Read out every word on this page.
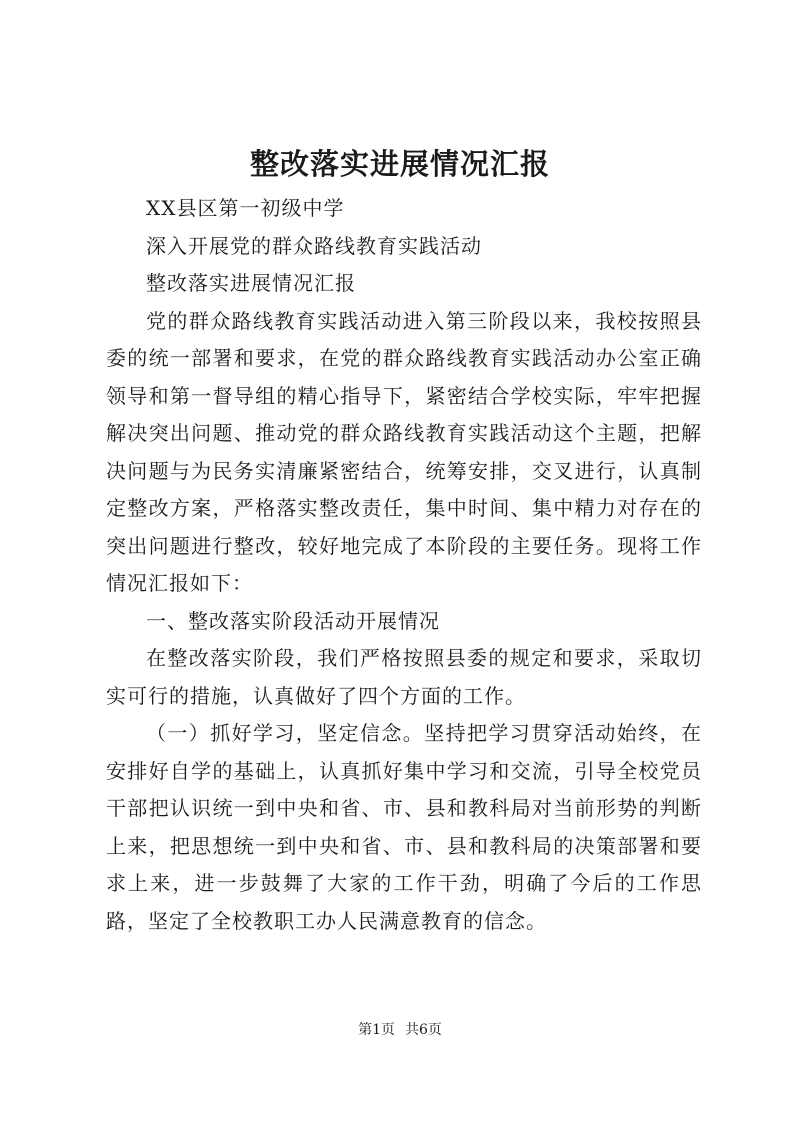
整改落实进展情况汇报

XX县区第一初级中学

深入开展党的群众路线教育实践活动

整改落实进展情况汇报

党的群众路线教育实践活动进入第三阶段以来，我校按照县委的统一部署和要求，在党的群众路线教育实践活动办公室正确领导和第一督导组的精心指导下，紧密结合学校实际，牢牢把握解决突出问题、推动党的群众路线教育实践活动这个主题，把解决问题与为民务实清廉紧密结合，统筹安排，交叉进行，认真制定整改方案，严格落实整改责任，集中时间、集中精力对存在的突出问题进行整改，较好地完成了本阶段的主要任务。现将工作情况汇报如下：

一、整改落实阶段活动开展情况

在整改落实阶段，我们严格按照县委的规定和要求，采取切实可行的措施，认真做好了四个方面的工作。

（一）抓好学习，坚定信念。坚持把学习贯穿活动始终，在安排好自学的基础上，认真抓好集中学习和交流，引导全校党员干部把认识统一到中央和省、市、县和教科局对当前形势的判断上来，把思想统一到中央和省、市、县和教科局的决策部署和要求上来，进一步鼓舞了大家的工作干劲，明确了今后的工作思路，坚定了全校教职工办人民满意教育的信念。

第1页 共6页
